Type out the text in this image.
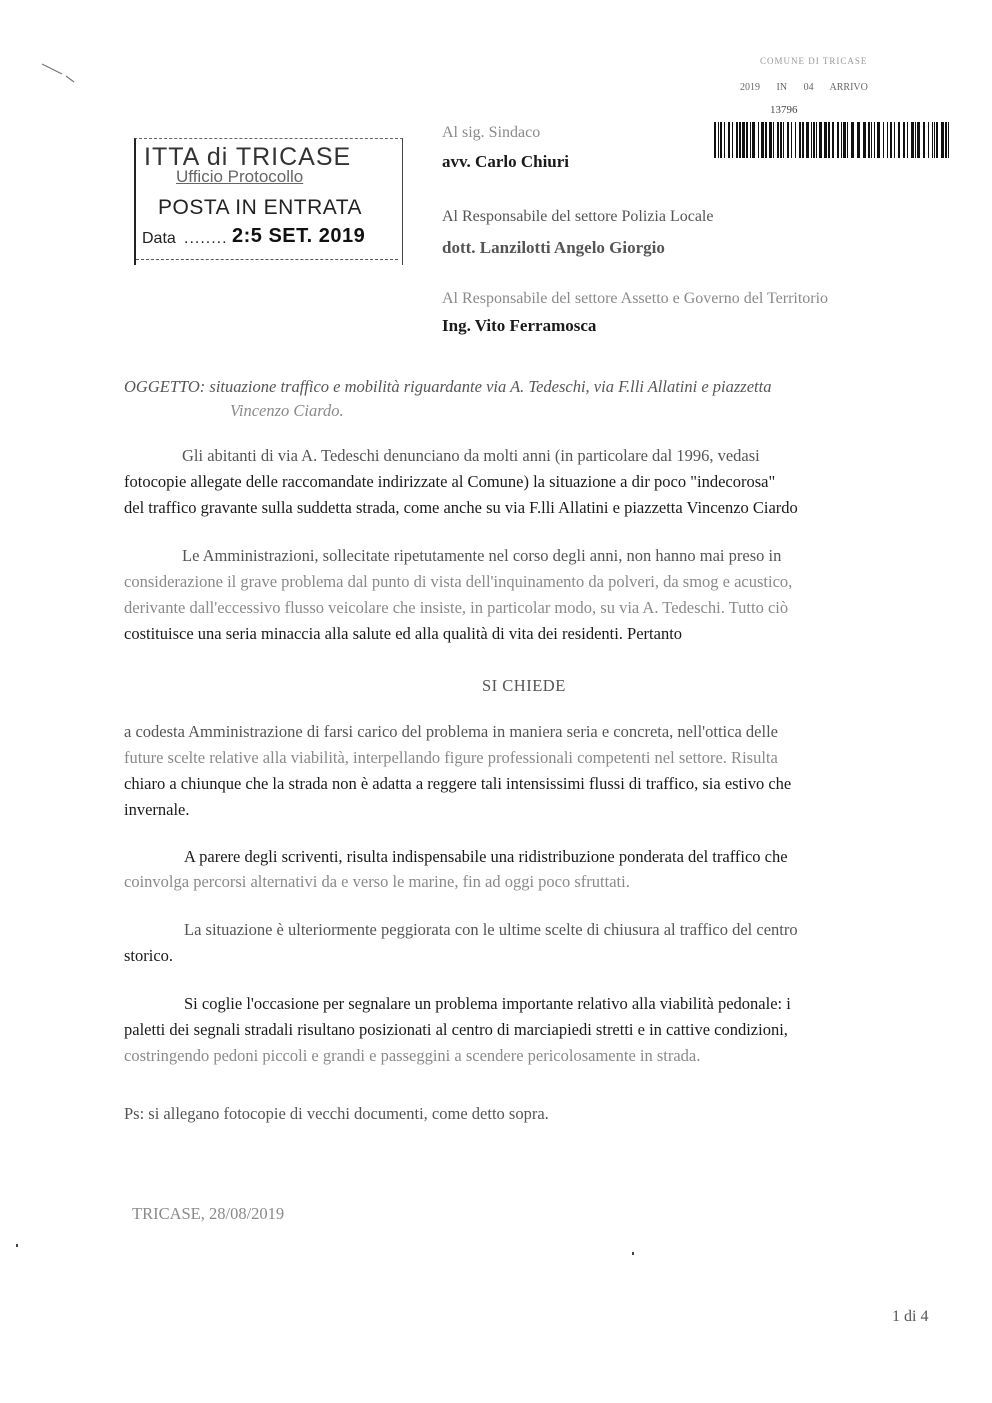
ITTA di TRICASE
Ufficio Protocollo
POSTA IN ENTRATA
Data ........ 2:5 SET. 2019
COMUNE DI TRICASE
2019 IN 04 ARRIVO
13796
Al sig. Sindaco
avv. Carlo Chiuri
Al Responsabile del settore Polizia Locale
dott. Lanzilotti Angelo Giorgio
Al Responsabile del settore Assetto e Governo del Territorio
Ing. Vito Ferramosca
OGGETTO: situazione traffico e mobilità riguardante via A. Tedeschi, via F.lli Allatini e piazzetta
Vincenzo Ciardo.
Gli abitanti di via A. Tedeschi denunciano da molti anni (in particolare dal 1996, vedasi
fotocopie allegate delle raccomandate indirizzate al Comune) la situazione a dir poco "indecorosa"
del traffico gravante sulla suddetta strada, come anche su via F.lli Allatini e piazzetta Vincenzo Ciardo
Le Amministrazioni, sollecitate ripetutamente nel corso degli anni, non hanno mai preso in
considerazione il grave problema dal punto di vista dell'inquinamento da polveri, da smog e acustico,
derivante dall'eccessivo flusso veicolare che insiste, in particolar modo, su via A. Tedeschi. Tutto ciò
costituisce una seria minaccia alla salute ed alla qualità di vita dei residenti. Pertanto
SI CHIEDE
a codesta Amministrazione di farsi carico del problema in maniera seria e concreta, nell'ottica delle
future scelte relative alla viabilità, interpellando figure professionali competenti nel settore. Risulta
chiaro a chiunque che la strada non è adatta a reggere tali intensissimi flussi di traffico, sia estivo che
invernale.
A parere degli scriventi, risulta indispensabile una ridistribuzione ponderata del traffico che
coinvolga percorsi alternativi da e verso le marine, fin ad oggi poco sfruttati.
La situazione è ulteriormente peggiorata con le ultime scelte di chiusura al traffico del centro
storico.
Si coglie l'occasione per segnalare un problema importante relativo alla viabilità pedonale: i
paletti dei segnali stradali risultano posizionati al centro di marciapiedi stretti e in cattive condizioni,
costringendo pedoni piccoli e grandi e passeggini a scendere pericolosamente in strada.
Ps: si allegano fotocopie di vecchi documenti, come detto sopra.
TRICASE, 28/08/2019
1 di 4
